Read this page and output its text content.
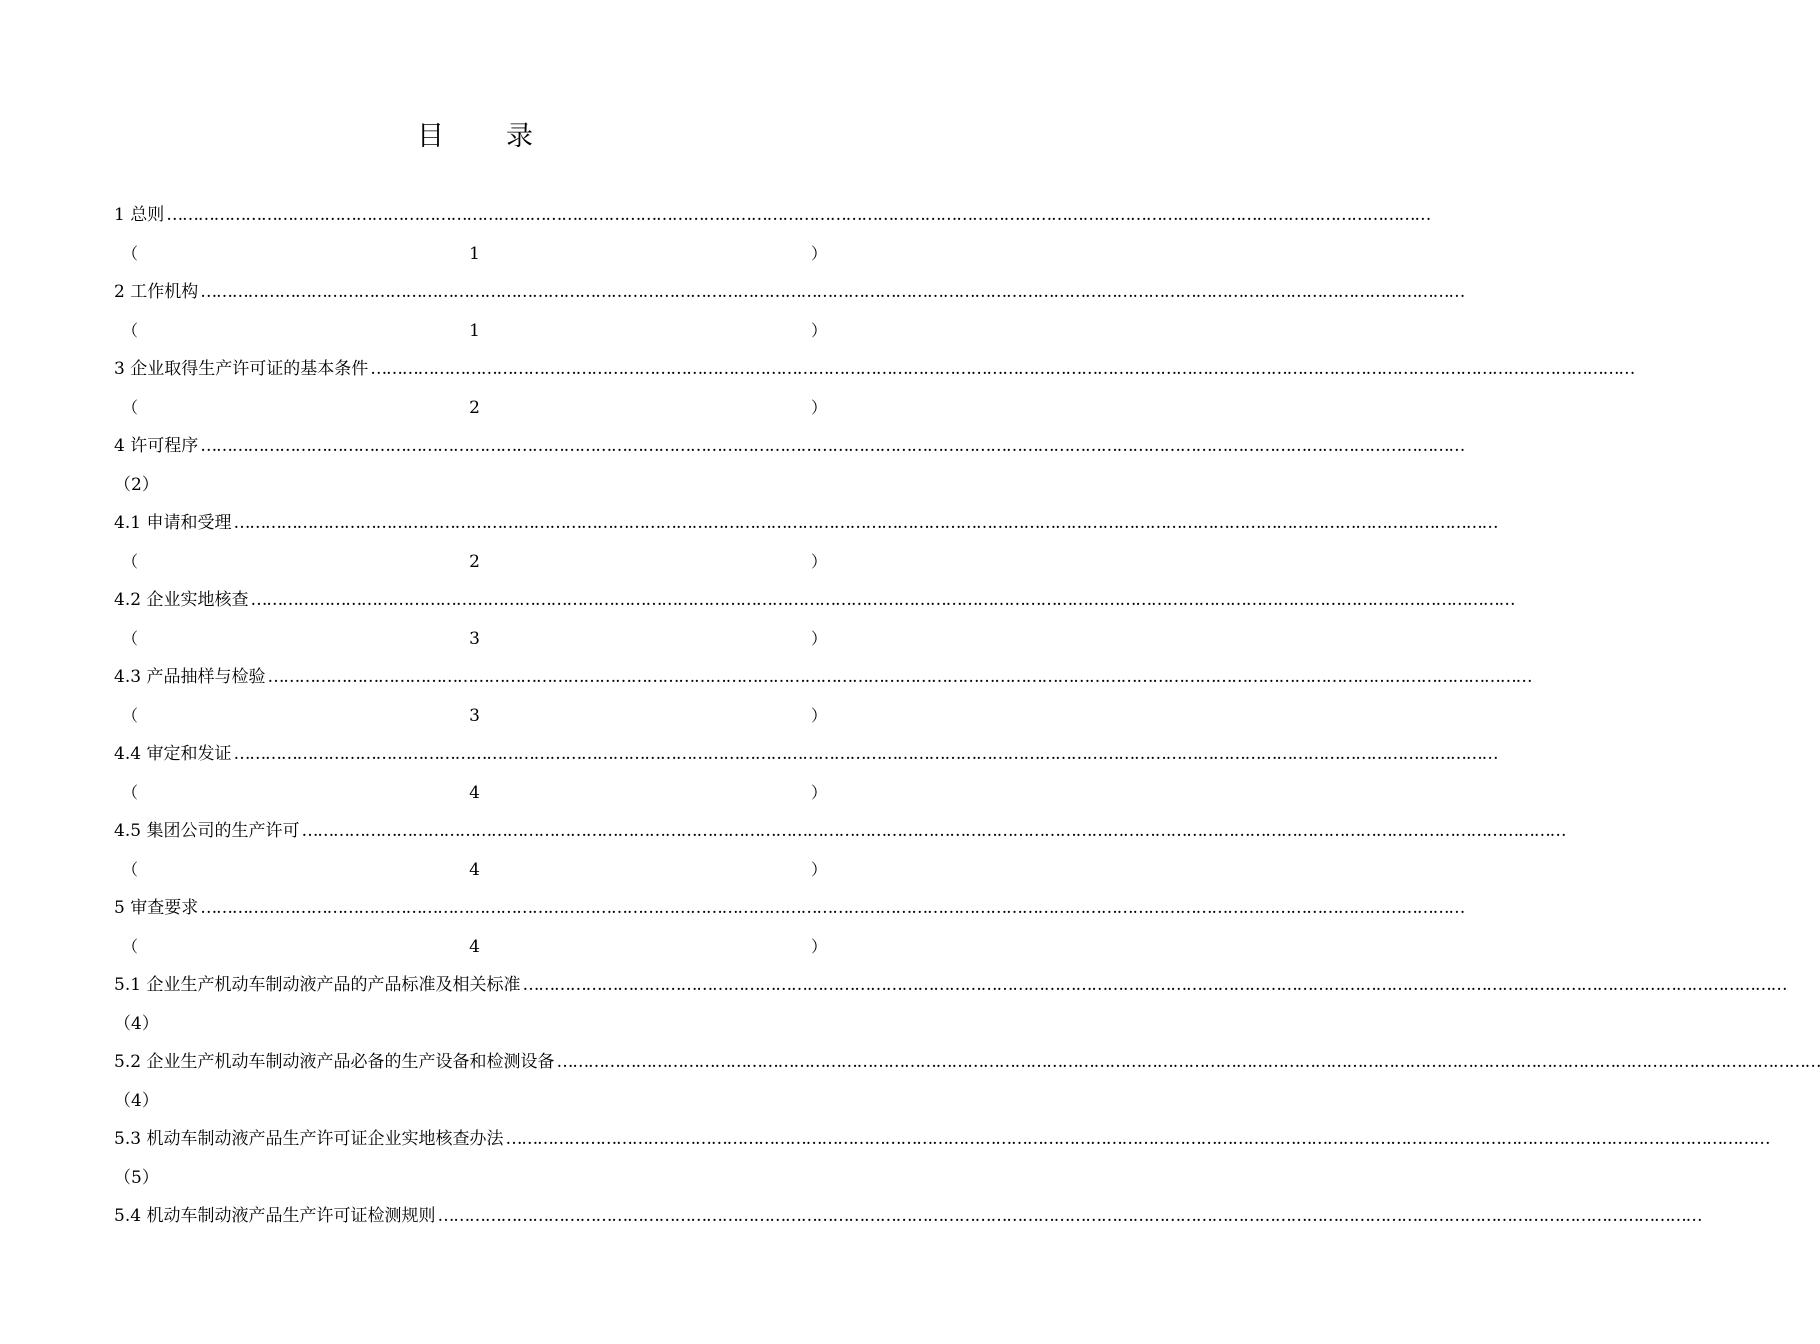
目 录
1 总则 ……………………………………………………………………………………………………………………………………………………………………………………………………………………
（	1	）
2 工作机构 ……………………………………………………………………………………………………………………………………………………………………………………………………………………
（	1	）
3 企业取得生产许可证的基本条件 ……………………………………………………………………………………………………………………………………………………………………………………………………………………
（	2	）
4 许可程序 ……………………………………………………………………………………………………………………………………………………………………………………………………………………
（2）
4.1 申请和受理 ……………………………………………………………………………………………………………………………………………………………………………………………………………………
（	2	）
4.2 企业实地核查 ……………………………………………………………………………………………………………………………………………………………………………………………………………………
（	3	）
4.3 产品抽样与检验 ……………………………………………………………………………………………………………………………………………………………………………………………………………………
（	3	）
4.4 审定和发证 ……………………………………………………………………………………………………………………………………………………………………………………………………………………
（	4	）
4.5 集团公司的生产许可 ……………………………………………………………………………………………………………………………………………………………………………………………………………………
（	4	）
5 审查要求 ……………………………………………………………………………………………………………………………………………………………………………………………………………………
（	4	）
5.1 企业生产机动车制动液产品的产品标准及相关标准 ……………………………………………………………………………………………………………………………………………………………………………………………………………………
（4）
5.2 企业生产机动车制动液产品必备的生产设备和检测设备 ……………………………………………………………………………………………………………………………………………………………………………………………………………………
（4）
5.3 机动车制动液产品生产许可证企业实地核查办法 ……………………………………………………………………………………………………………………………………………………………………………………………………………………
（5）
5.4 机动车制动液产品生产许可证检测规则 ……………………………………………………………………………………………………………………………………………………………………………………………………………………
